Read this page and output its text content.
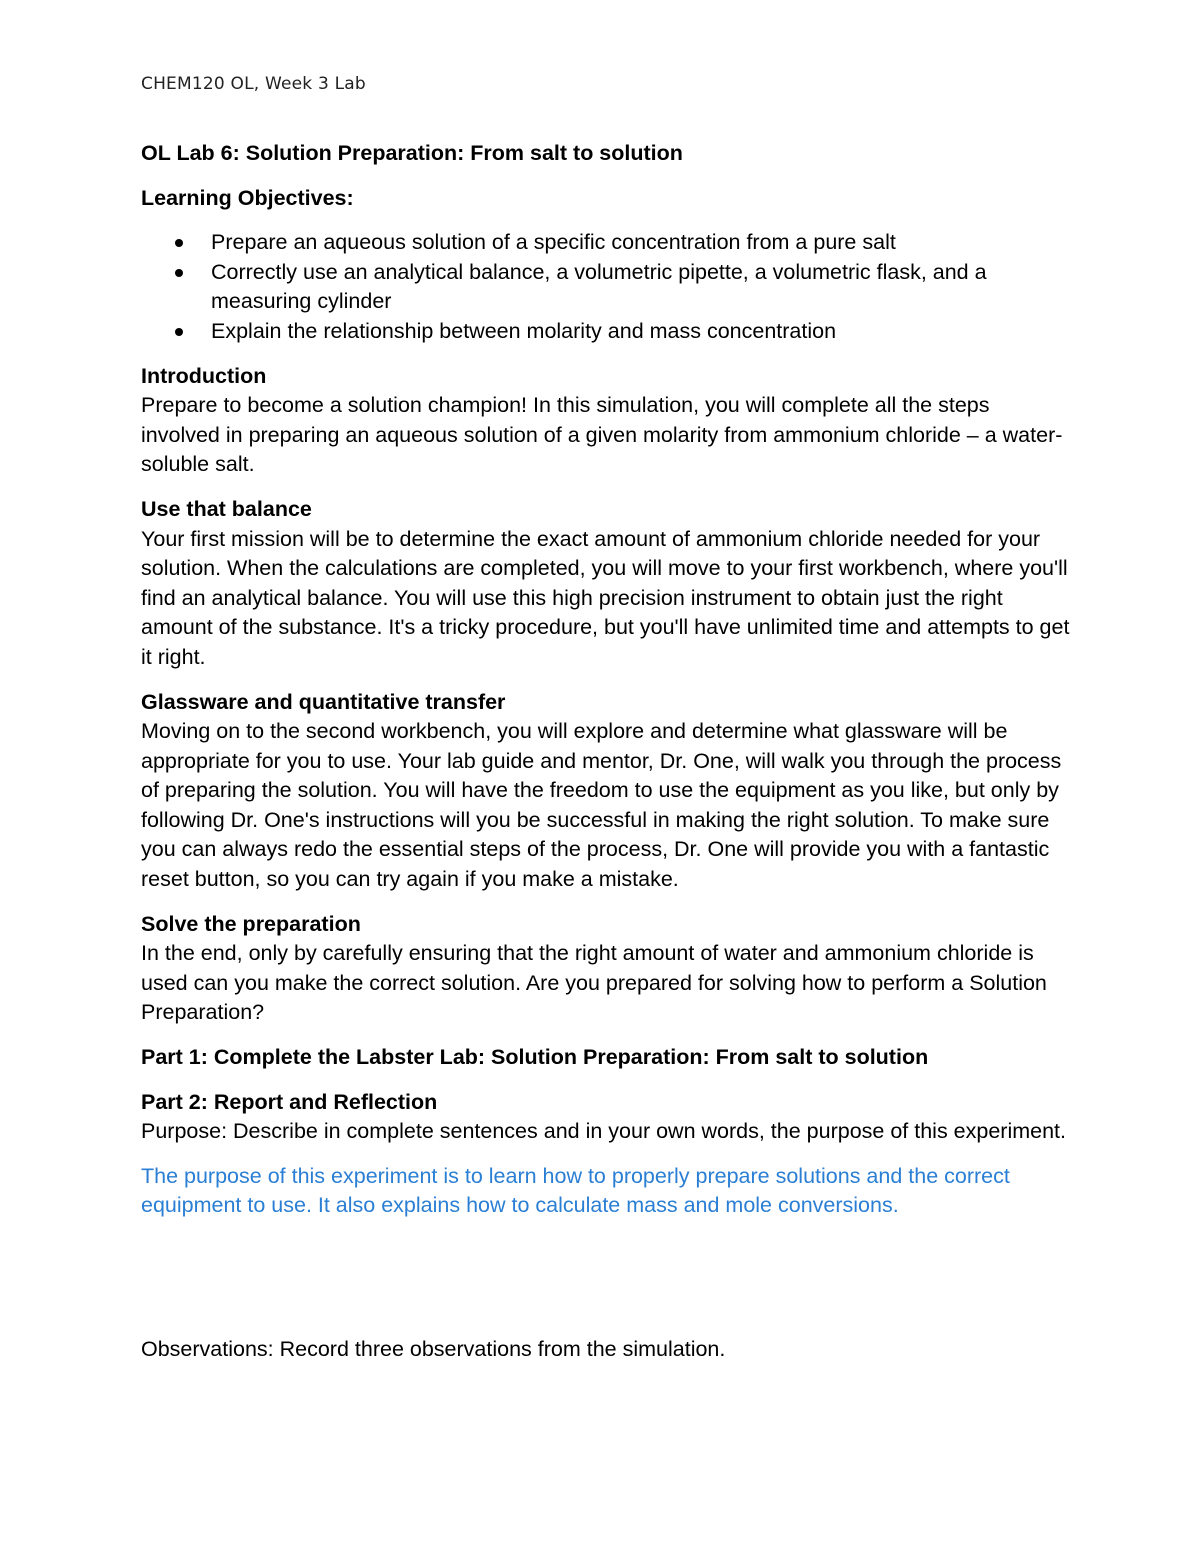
CHEM120 OL, Week 3 Lab
OL Lab 6: Solution Preparation: From salt to solution
Learning Objectives:
Prepare an aqueous solution of a specific concentration from a pure salt
Correctly use an analytical balance, a volumetric pipette, a volumetric flask, and a measuring cylinder
Explain the relationship between molarity and mass concentration
Introduction
Prepare to become a solution champion! In this simulation, you will complete all the steps involved in preparing an aqueous solution of a given molarity from ammonium chloride – a water-soluble salt.
Use that balance
Your first mission will be to determine the exact amount of ammonium chloride needed for your solution. When the calculations are completed, you will move to your first workbench, where you'll find an analytical balance. You will use this high precision instrument to obtain just the right amount of the substance. It's a tricky procedure, but you'll have unlimited time and attempts to get it right.
Glassware and quantitative transfer
Moving on to the second workbench, you will explore and determine what glassware will be appropriate for you to use. Your lab guide and mentor, Dr. One, will walk you through the process of preparing the solution. You will have the freedom to use the equipment as you like, but only by following Dr. One's instructions will you be successful in making the right solution. To make sure you can always redo the essential steps of the process, Dr. One will provide you with a fantastic reset button, so you can try again if you make a mistake.
Solve the preparation
In the end, only by carefully ensuring that the right amount of water and ammonium chloride is used can you make the correct solution. Are you prepared for solving how to perform a Solution Preparation?
Part 1: Complete the Labster Lab: Solution Preparation: From salt to solution
Part 2: Report and Reflection
Purpose: Describe in complete sentences and in your own words, the purpose of this experiment.
The purpose of this experiment is to learn how to properly prepare solutions and the correct equipment to use. It also explains how to calculate mass and mole conversions.
Observations: Record three observations from the simulation.
